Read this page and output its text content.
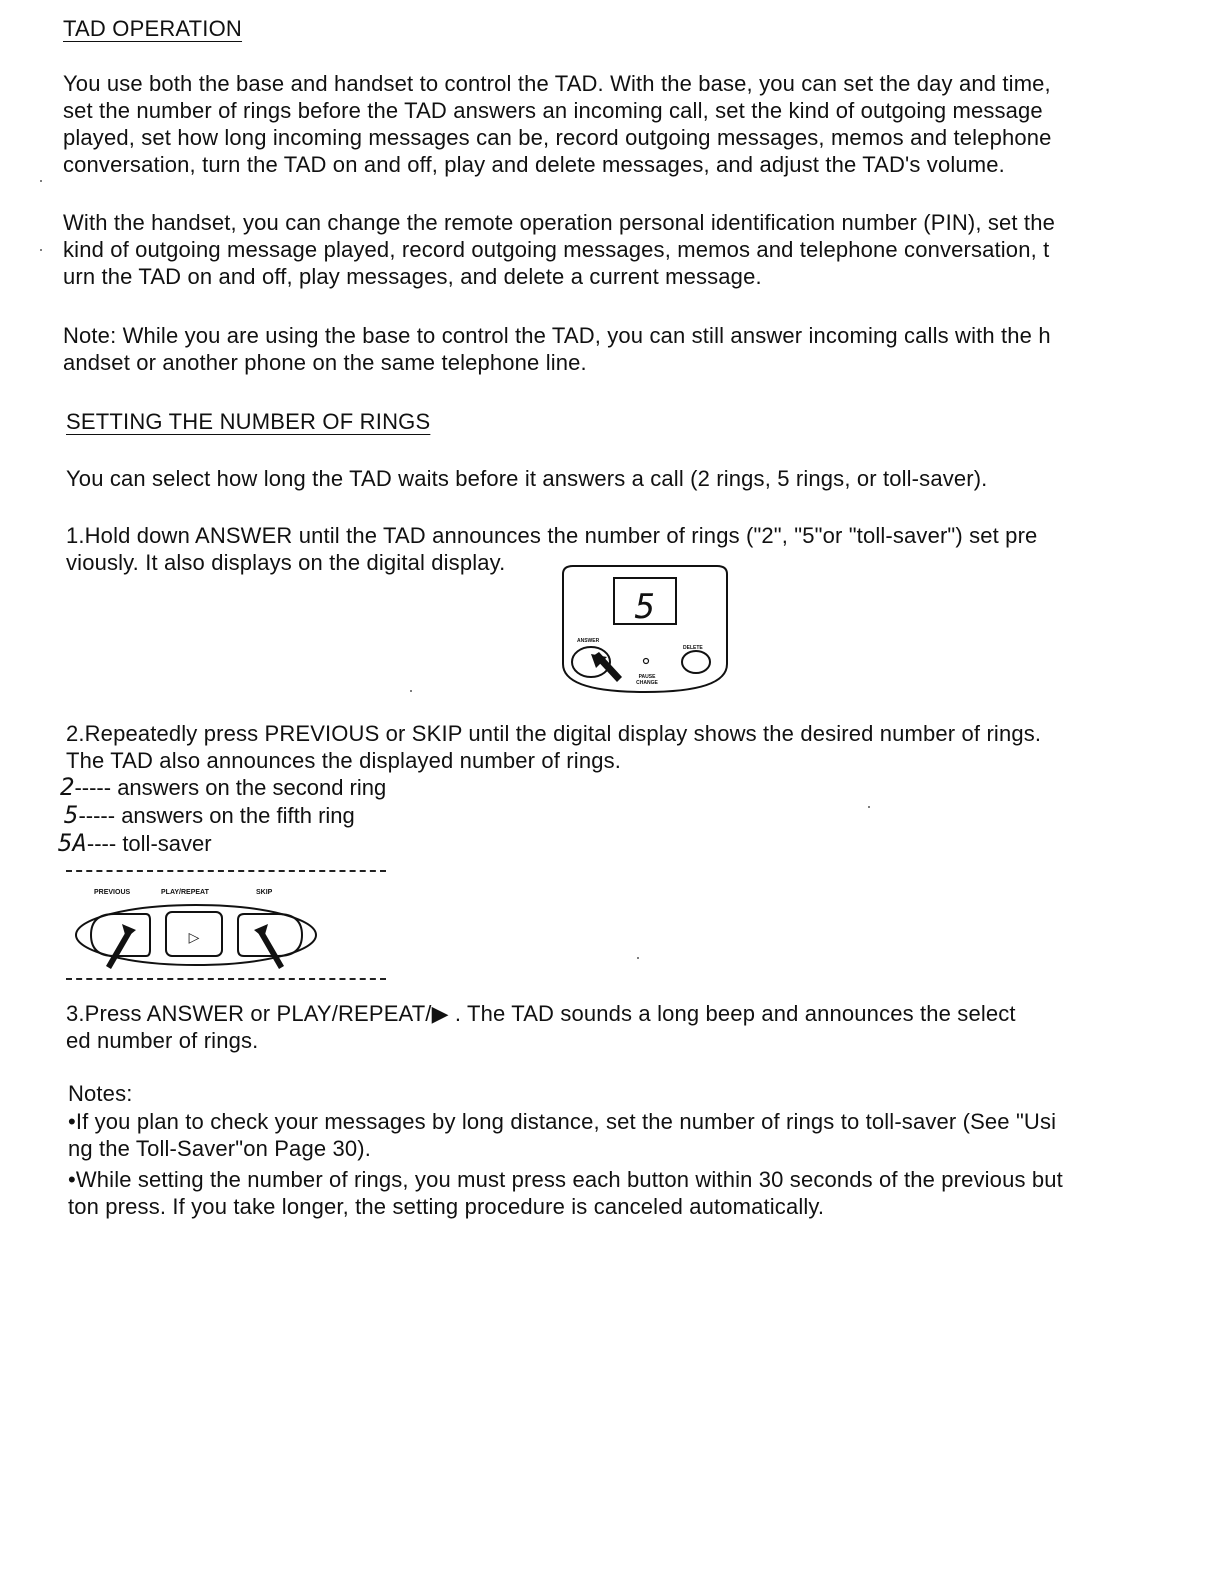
TAD OPERATION
You use both the base and handset to control the TAD. With the base, you can set the day and time,
set the number of rings before the TAD answers an incoming call, set the kind of outgoing message
played, set how long incoming messages can be, record outgoing messages, memos and telephone
conversation, turn the TAD on and off, play and delete messages, and adjust the TAD's volume.
With the handset, you can change the remote operation personal identification number (PIN), set the
kind of outgoing message played, record outgoing messages, memos and telephone conversation, t
urn the TAD on and off, play messages, and delete a current message.
Note: While you are using the base to control the TAD, you can still answer incoming calls with the h
andset or another phone on the same telephone line.
SETTING THE NUMBER OF RINGS
You can select how long the TAD waits before it answers a call (2 rings, 5 rings, or toll-saver).
1.Hold down ANSWER until the TAD announces the number of rings ("2", "5"or "toll-saver") set pre
viously. It also displays on the digital display.
5
ANSWER
DELETE
PAUSE
CHANGE
2.Repeatedly press PREVIOUS or SKIP until the digital display shows the desired number of rings.
The TAD also announces the displayed number of rings.
2----- answers on the second ring
5----- answers on the fifth ring
5A---- toll-saver
PREVIOUS	PLAY/REPEAT	SKIP
▷
3.Press ANSWER or PLAY/REPEAT/▶ . The TAD sounds a long beep and announces the select
ed number of rings.
Notes:
•If you plan to check your messages by long distance, set the number of rings to toll-saver (See "Usi
ng the Toll-Saver"on Page 30).
•While setting the number of rings, you must press each button within 30 seconds of the previous but
ton press. If you take longer, the setting procedure is canceled automatically.
